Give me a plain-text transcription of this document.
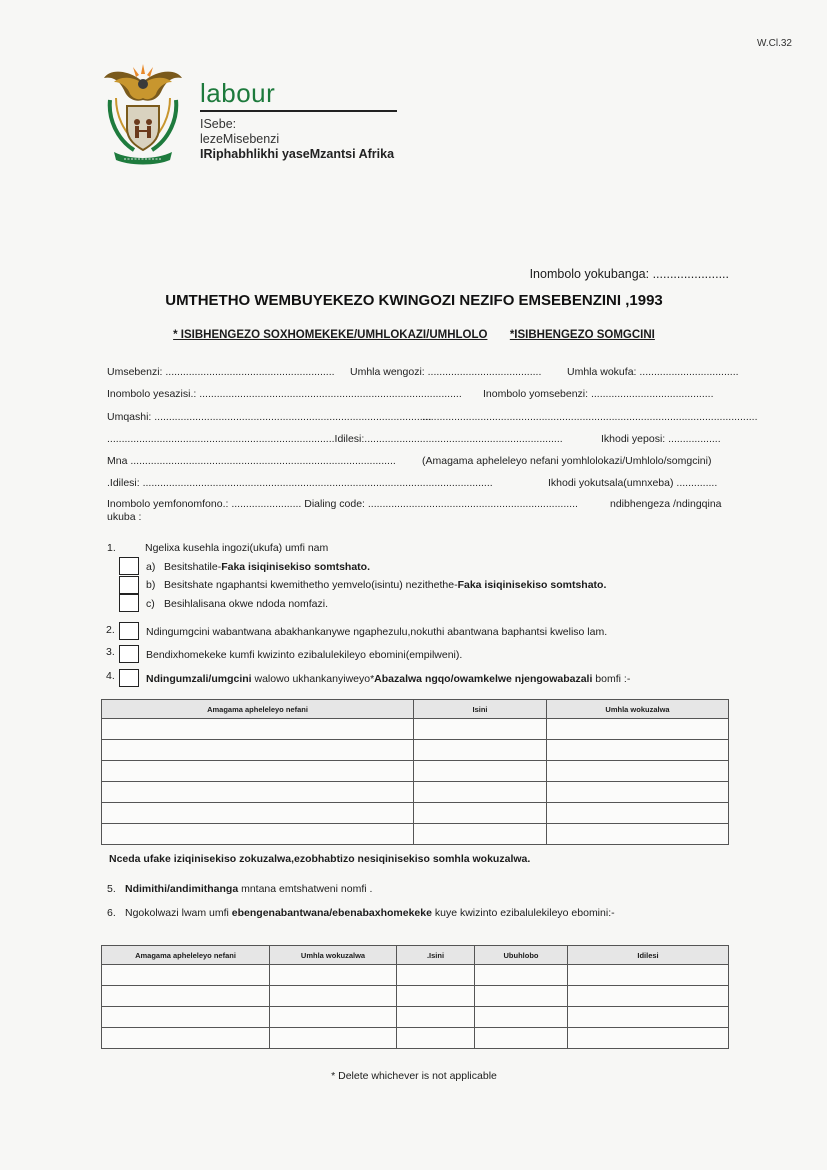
W.Cl.32
labour
ISebe:
lezeMisebenzi
IRiphabhlikhi yaseMzantsi Afrika
Inombolo yokubanga: ......................
UMTHETHO WEMBUYEKEZO KWINGOZI NEZIFO EMSEBENZINI ,1993
* ISIBHENGEZO SOXHOMEKEKE/UMHLOKAZI/UMHLOLO *ISIBHENGEZO SOMGCINI
Umsebenzi: .......................................................... Umhla wengozi: ....................................... Umhla wokufa: ..................................
Inombolo yesazisi.: .......................................................................................... Inombolo yomsebenzi: ..........................................
Umqashi: ...............................................................................................
...................................................................................................................
..............................................................................Idilesi:....................................................................	Ikhodi yeposi: ..................
Mna ........................................................................................... (Amagama apheleleyo nefani yomhlolokazi/Umhlolo/somgcini)
.Idilesi: ........................................................................................................................	Ikhodi yokutsala(umnxeba) ..............
Inombolo yemfonomfono.: ........................ Dialing code: ........................................................................	ndibhengeza /ndingqina
ukuba :
1.	Ngelixa kusehla ingozi(ukufa) umfi nam
a) Besitshatile-Faka isiqinisekiso somtshato.
b) Besitshate ngaphantsi kwemithetho yemvelo(isintu) nezithethe-Faka isiqinisekiso somtshato.
c) Besihlalisana okwe ndoda nomfazi.
2.	Ndingumgcini wabantwana abakhankanywe ngaphezulu,nokuthi abantwana baphantsi kweliso lam.
3.	Bendixhomekeke kumfi kwizinto ezibalulekileyo ebomini(empilweni).
4.	Ndingumzali/umgcini walowo ukhankanyiweyo*Abazalwa ngqo/owamkelwe njengowabazali bomfi :-
Amagama apheleleyo nefani	Isini	Umhla wokuzalwa

Nceda ufake iziqinisekiso zokuzalwa,ezobhabtizo nesiqinisekiso somhla wokuzalwa.
5. Ndimithi/andimithanga mntana emtshatweni nomfi .
6. Ngokolwazi lwam umfi ebengenabantwana/ebenabaxhomekeke kuye kwizinto ezibalulekileyo ebomini:-
Amagama apheleleyo nefani	Umhla wokuzalwa	.Isini	Ubuhlobo	Idilesi

* Delete whichever is not applicable
